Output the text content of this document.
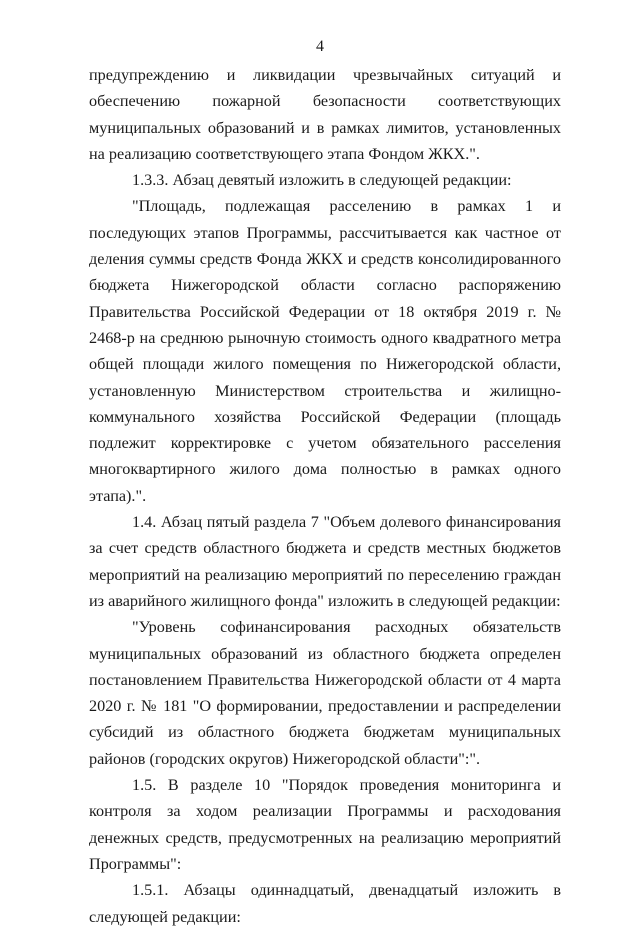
4

предупреждению и ликвидации чрезвычайных ситуаций и обеспечению пожарной безопасности соответствующих муниципальных образований и в рамках лимитов, установленных на реализацию соответствующего этапа Фондом ЖКХ.".

1.3.3. Абзац девятый изложить в следующей редакции:

"Площадь, подлежащая расселению в рамках 1 и последующих этапов Программы, рассчитывается как частное от деления суммы средств Фонда ЖКХ и средств консолидированного бюджета Нижегородской области согласно распоряжению Правительства Российской Федерации от 18 октября 2019 г. № 2468-р на среднюю рыночную стоимость одного квадратного метра общей площади жилого помещения по Нижегородской области, установленную Министерством строительства и жилищно-коммунального хозяйства Российской Федерации (площадь подлежит корректировке с учетом обязательного расселения многоквартирного жилого дома полностью в рамках одного этапа).".

1.4. Абзац пятый раздела 7 "Объем долевого финансирования за счет средств областного бюджета и средств местных бюджетов мероприятий на реализацию мероприятий по переселению граждан из аварийного жилищного фонда" изложить в следующей редакции:

"Уровень софинансирования расходных обязательств муниципальных образований из областного бюджета определен постановлением Правительства Нижегородской области от 4 марта 2020 г. № 181 "О формировании, предоставлении и распределении субсидий из областного бюджета бюджетам муниципальных районов (городских округов) Нижегородской области":".

1.5. В разделе 10 "Порядок проведения мониторинга и контроля за ходом реализации Программы и расходования денежных средств, предусмотренных на реализацию мероприятий Программы":

1.5.1. Абзацы одиннадцатый, двенадцатый изложить в следующей редакции:
